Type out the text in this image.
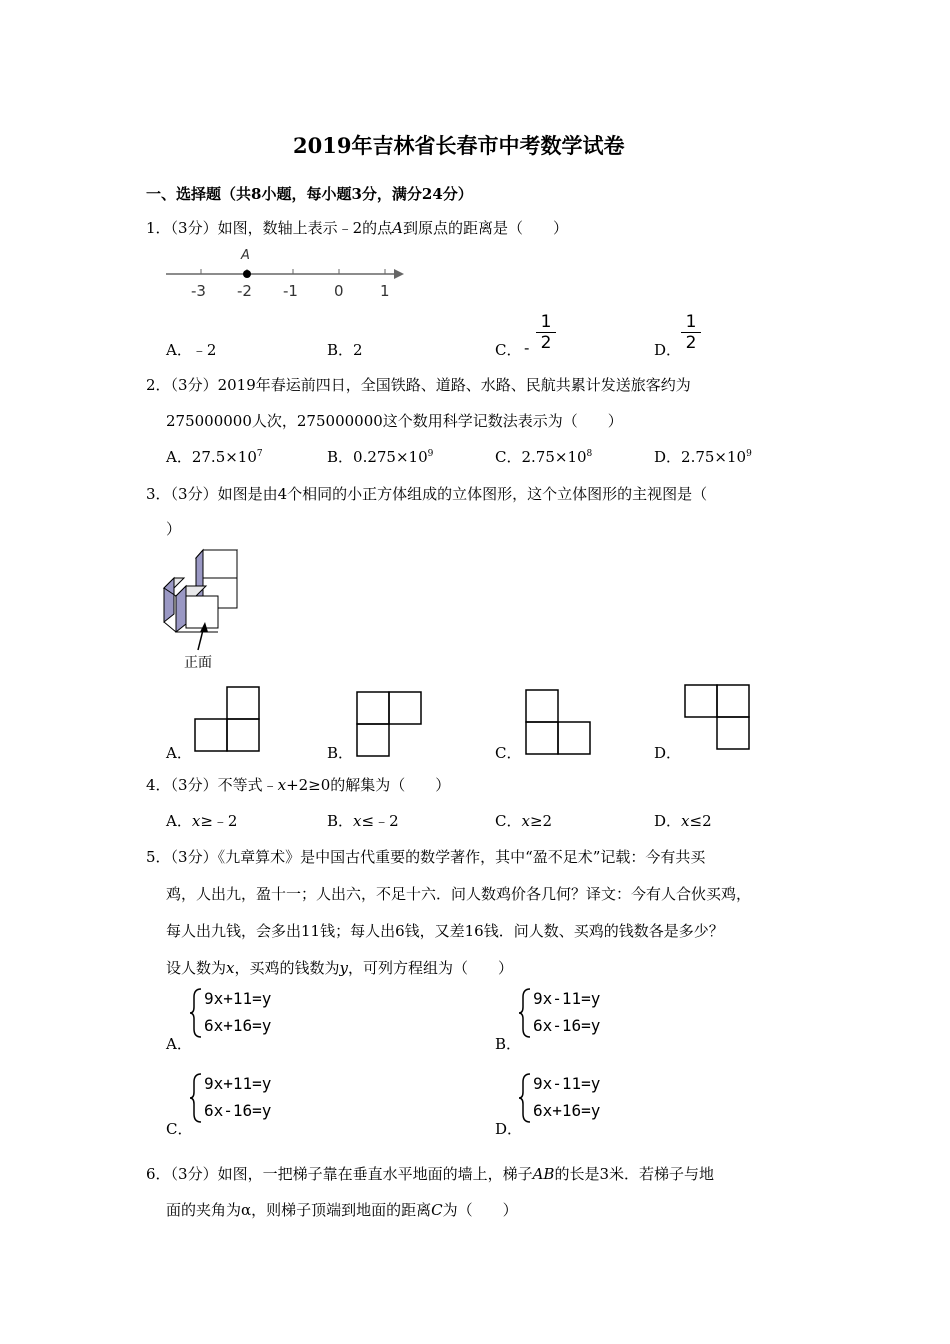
2019年吉林省长春市中考数学试卷
一、选择题（共8小题，每小题3分，满分24分）
1．（3分）如图，数轴上表示﹣2的点A到原点的距离是（　　）
A
-3 -2 -1 0 1
A．﹣2	B．2	C． -
1
2	D．
1
2
2．（3分）2019年春运前四日，全国铁路、道路、水路、民航共累计发送旅客约为
275000000人次，275000000这个数用科学记数法表示为（　　）
A．$27.5\times 10^7$	B．$0.275\times 10^9$	C．$2.75\times 10^8$	D．$2.75\times 10^9$
3．（3分）如图是由4个相同的小正方体组成的立体图形，这个立体图形的主视图是（
）
正面
A．	B．	C．	D．
4．（3分）不等式﹣x+2≥0的解集为（　　）
A．x≥﹣2	B．x≤﹣2	C．x≥2	D．x≤2
5．（3分）《九章算术》是中国古代重要的数学著作，其中“盈不足术”记载：今有共买
鸡，人出九，盈十一；人出六，不足十六．问人数鸡价各几何？译文：今有人合伙买鸡，
每人出九钱，会多出11钱；每人出6钱，又差16钱．问人数、买鸡的钱数各是多少？
设人数为x，买鸡的钱数为y，可列方程组为（　　）
A．
9x+11=y
6x+16=y
B．
9x-11=y
6x-16=y
C．
9x+11=y
6x-16=y
D．
9x-11=y
6x+16=y
6．（3分）如图，一把梯子靠在垂直水平地面的墙上，梯子AB的长是3米．若梯子与地
面的夹角为α，则梯子顶端到地面的距离C为（　　）
